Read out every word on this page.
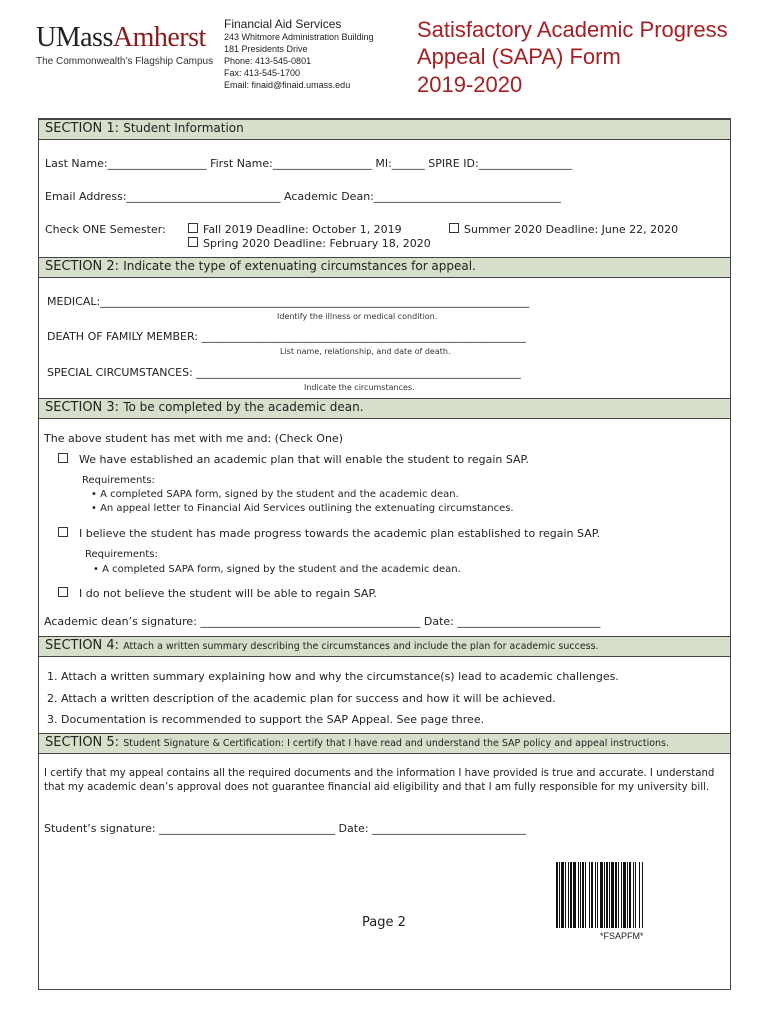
UMassAmherst
The Commonwealth’s Flagship Campus
Financial Aid Services
243 Whitmore Administration Building
181 Presidents Drive
Phone: 413-545-0801
Fax: 413-545-1700
Email: finaid@finaid.umass.edu
Satisfactory Academic Progress
Appeal (SAPA) Form
2019-2020
SECTION 1: Student Information
Last Name:__________________ First Name:__________________ MI:______ SPIRE ID:_________________
Email Address:____________________________ Academic Dean:__________________________________
Check ONE Semester:	Fall 2019 Deadline: October 1, 2019	Summer 2020 Deadline: June 22, 2020
Spring 2020 Deadline: February 18, 2020
SECTION 2: Indicate the type of extenuating circumstances for appeal.
MEDICAL:______________________________________________________________________________
Identify the illness or medical condition.
DEATH OF FAMILY MEMBER: ___________________________________________________________
List name, relationship, and date of death.
SPECIAL CIRCUMSTANCES: ___________________________________________________________
Indicate the circumstances.
SECTION 3: To be completed by the academic dean.
The above student has met with me and: (Check One)
We have established an academic plan that will enable the student to regain SAP.
Requirements:
• A completed SAPA form, signed by the student and the academic dean.
• An appeal letter to Financial Aid Services outlining the extenuating circumstances.
I believe the student has made progress towards the academic plan established to regain SAP.
Requirements:
• A completed SAPA form, signed by the student and the academic dean.
I do not believe the student will be able to regain SAP.
Academic dean’s signature: ________________________________________ Date: __________________________
SECTION 4: Attach a written summary describing the circumstances and include the plan for academic success.
1. Attach a written summary explaining how and why the circumstance(s) lead to academic challenges.
2. Attach a written description of the academic plan for success and how it will be achieved.
3. Documentation is recommended to support the SAP Appeal. See page three.
SECTION 5: Student Signature & Certification: I certify that I have read and understand the SAP policy and appeal instructions.
I certify that my appeal contains all the required documents and the information I have provided is true and accurate. I understand
that my academic dean’s approval does not guarantee financial aid eligibility and that I am fully responsible for my university bill.
Student’s signature: ________________________________ Date: ____________________________
Page 2
*FSAPFM*
